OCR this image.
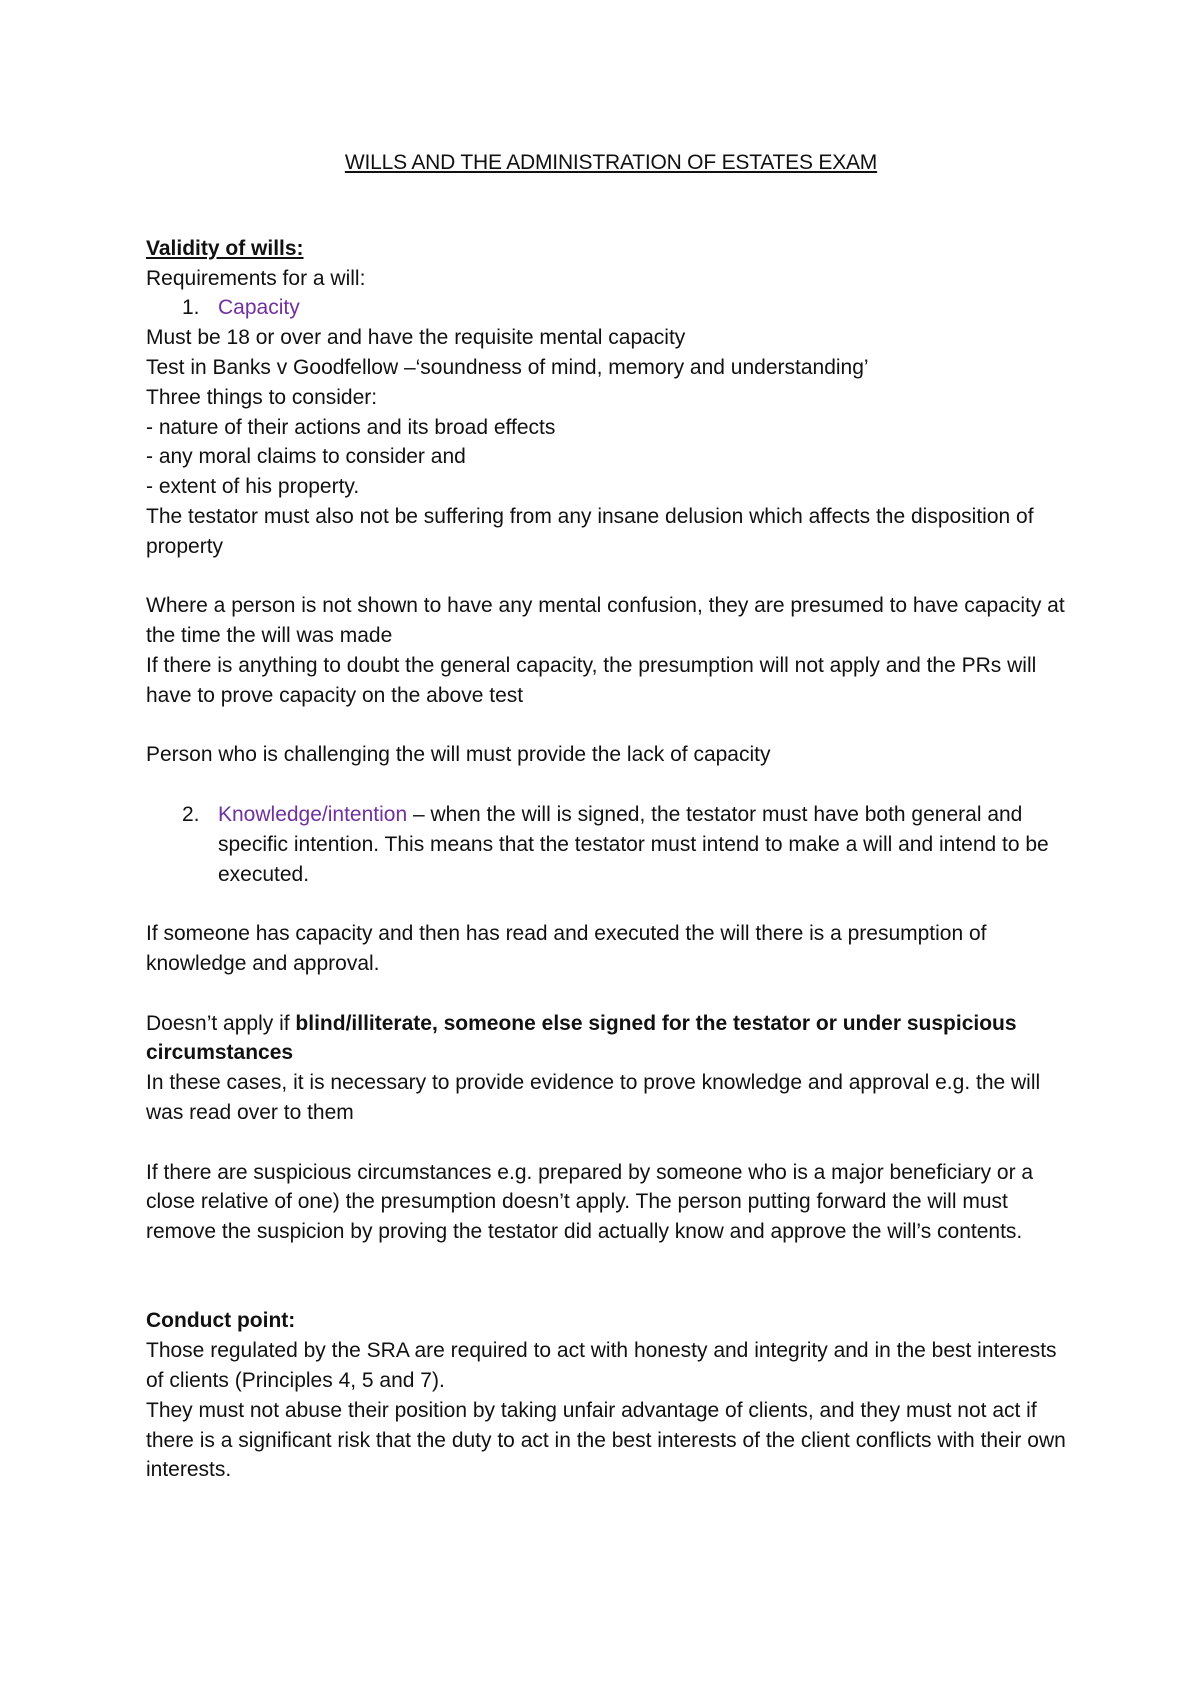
WILLS AND THE ADMINISTRATION OF ESTATES EXAM

Validity of wills:

Requirements for a will:

1. Capacity

Must be 18 or over and have the requisite mental capacity

Test in Banks v Goodfellow –‘soundness of mind, memory and understanding’

Three things to consider:

- nature of their actions and its broad effects

- any moral claims to consider and

- extent of his property.

The testator must also not be suffering from any insane delusion which affects the disposition of property

Where a person is not shown to have any mental confusion, they are presumed to have capacity at the time the will was made

If there is anything to doubt the general capacity, the presumption will not apply and the PRs will have to prove capacity on the above test

Person who is challenging the will must provide the lack of capacity

2. Knowledge/intention – when the will is signed, the testator must have both general and specific intention. This means that the testator must intend to make a will and intend to be executed.

If someone has capacity and then has read and executed the will there is a presumption of knowledge and approval.

Doesn’t apply if blind/illiterate, someone else signed for the testator or under suspicious circumstances

In these cases, it is necessary to provide evidence to prove knowledge and approval e.g. the will was read over to them

If there are suspicious circumstances e.g. prepared by someone who is a major beneficiary or a close relative of one) the presumption doesn’t apply. The person putting forward the will must remove the suspicion by proving the testator did actually know and approve the will’s contents.

Conduct point:

Those regulated by the SRA are required to act with honesty and integrity and in the best interests of clients (Principles 4, 5 and 7).

They must not abuse their position by taking unfair advantage of clients, and they must not act if there is a significant risk that the duty to act in the best interests of the client conflicts with their own interests.
